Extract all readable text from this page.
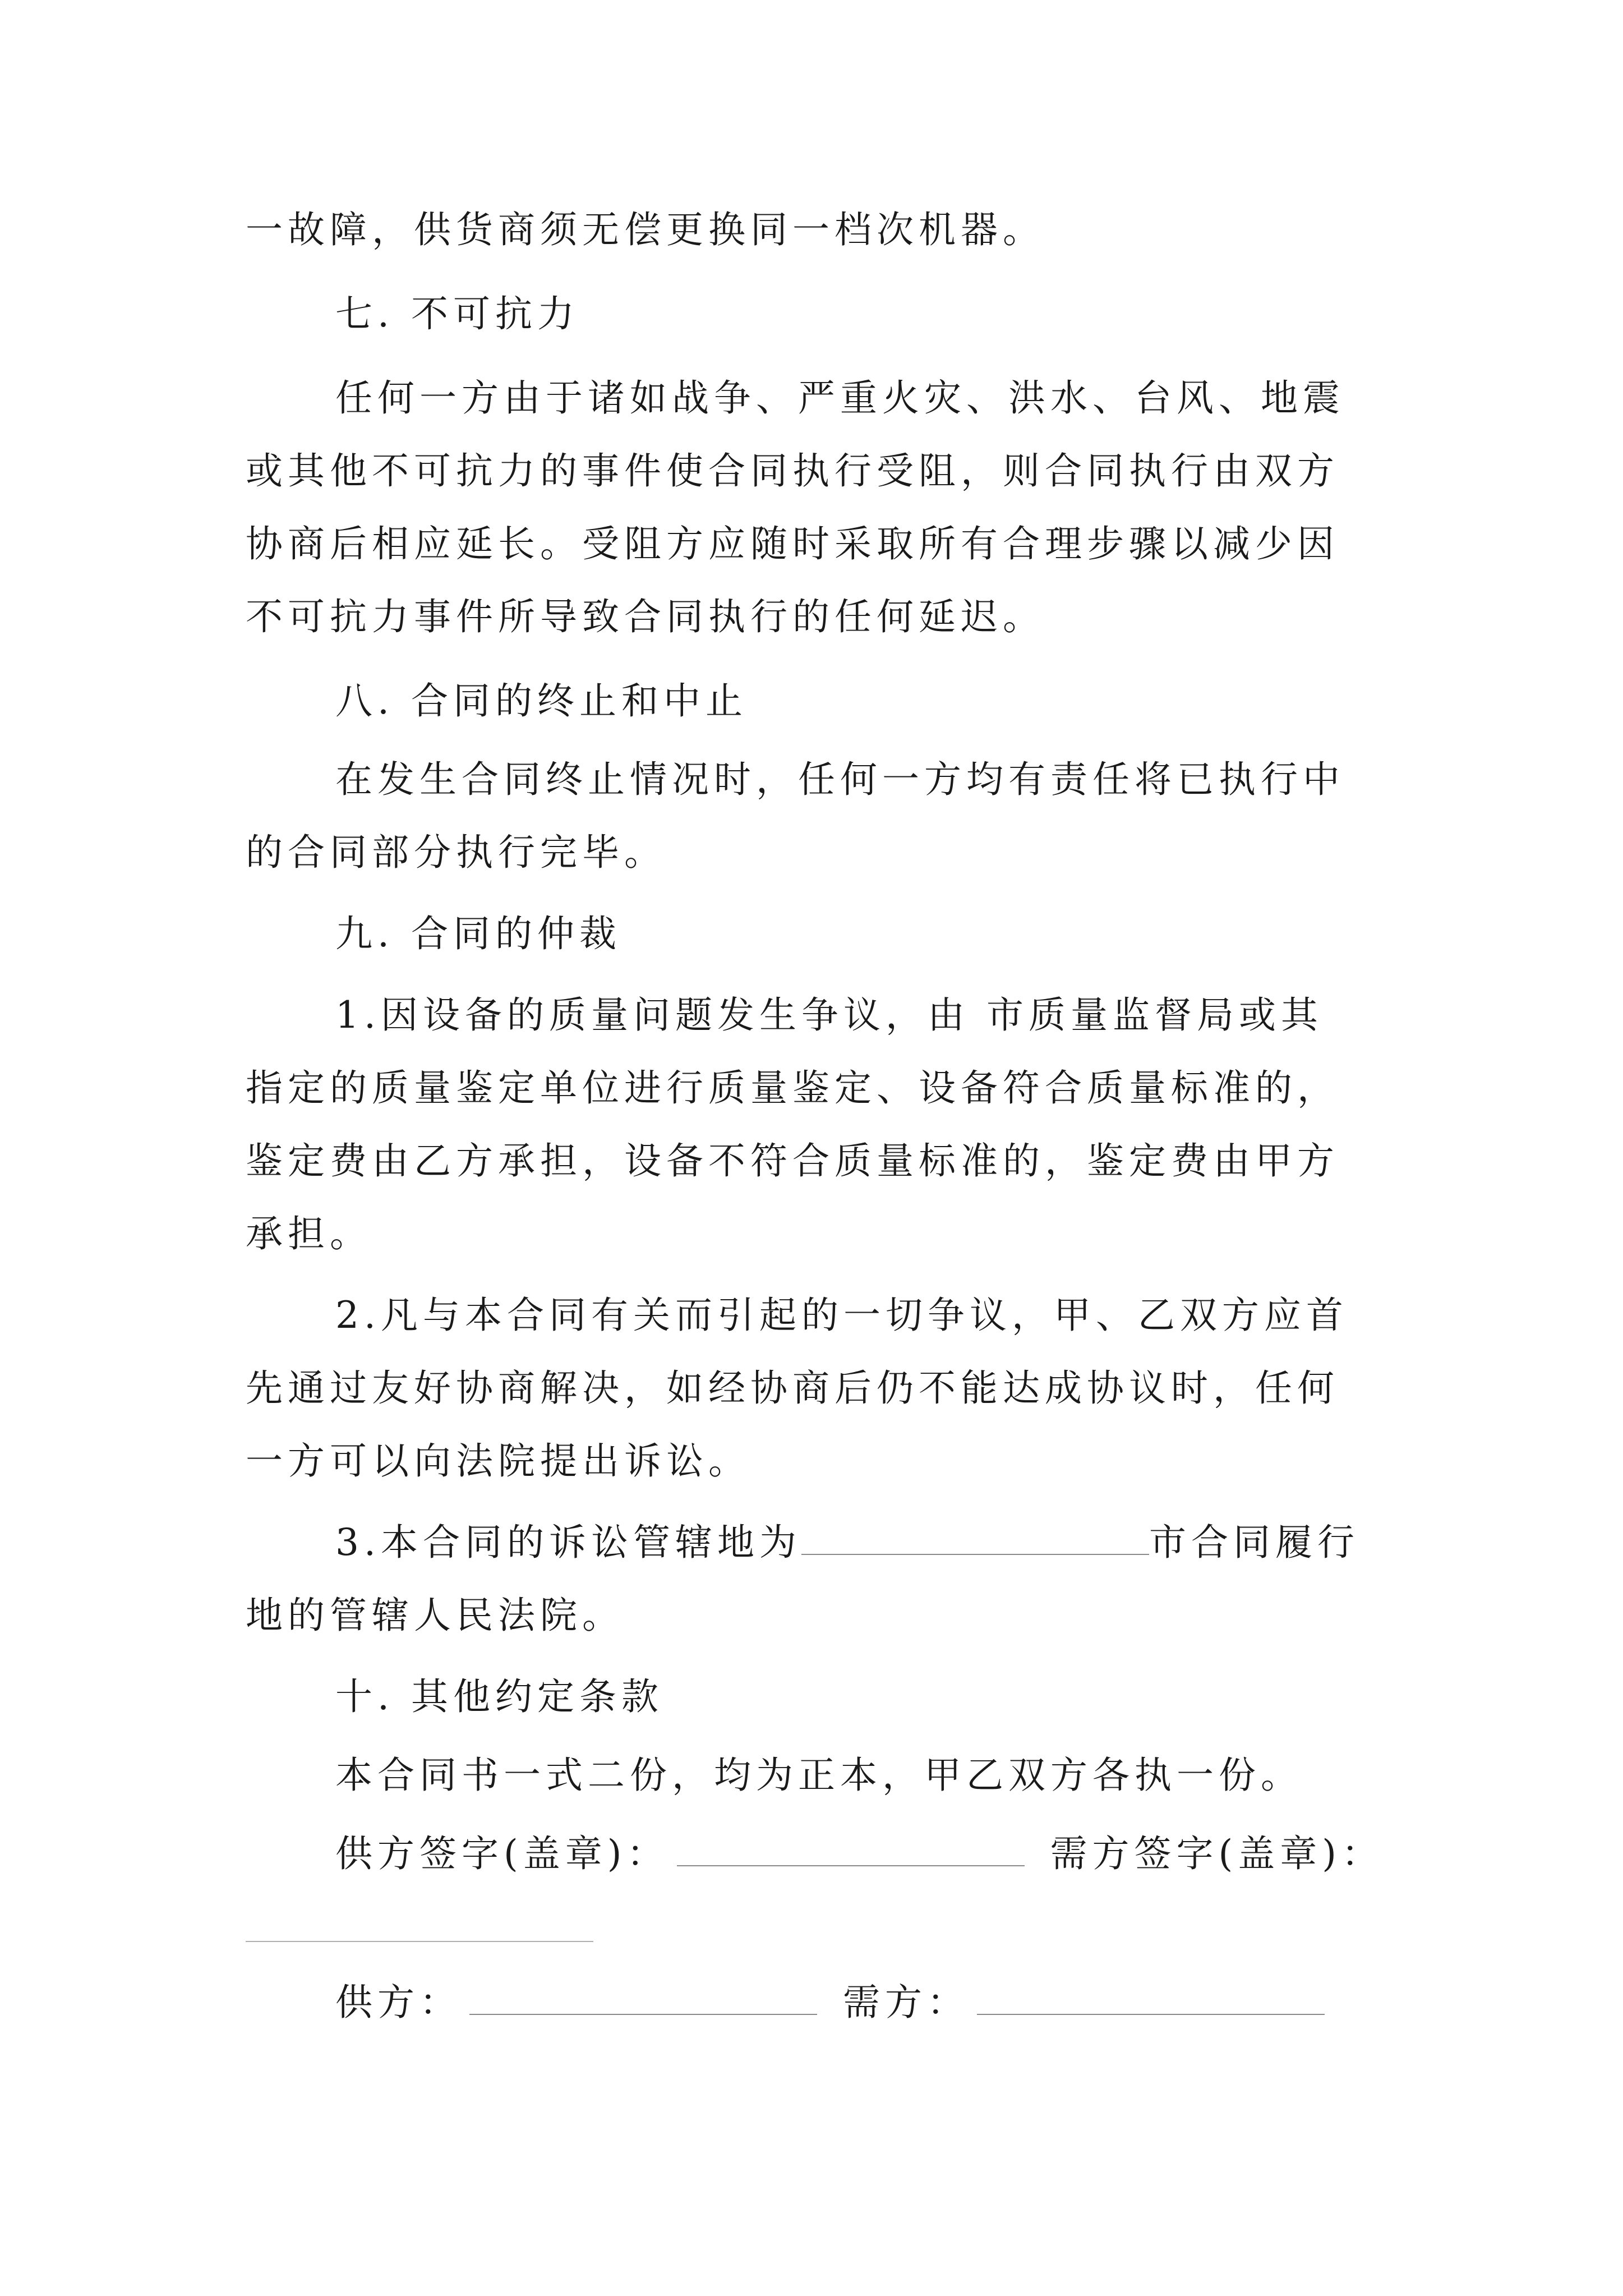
一故障，供货商须无偿更换同一档次机器。
七. 不可抗力
任何一方由于诸如战争、严重火灾、洪水、台风、地震
或其他不可抗力的事件使合同执行受阻，则合同执行由双方
协商后相应延长。受阻方应随时采取所有合理步骤以减少因
不可抗力事件所导致合同执行的任何延迟。
八. 合同的终止和中止
在发生合同终止情况时，任何一方均有责任将已执行中
的合同部分执行完毕。
九. 合同的仲裁
1.因设备的质量问题发生争议，由 市质量监督局或其
指定的质量鉴定单位进行质量鉴定、设备符合质量标准的，
鉴定费由乙方承担，设备不符合质量标准的，鉴定费由甲方
承担。
2.凡与本合同有关而引起的一切争议，甲、乙双方应首
先通过友好协商解决，如经协商后仍不能达成协议时，任何
一方可以向法院提出诉讼。
3.本合同的诉讼管辖地为	市合同履行
地的管辖人民法院。
十. 其他约定条款
本合同书一式二份，均为正本，甲乙双方各执一份。
供方签字(盖章)：	需方签字(盖章)：
供方：	需方：
